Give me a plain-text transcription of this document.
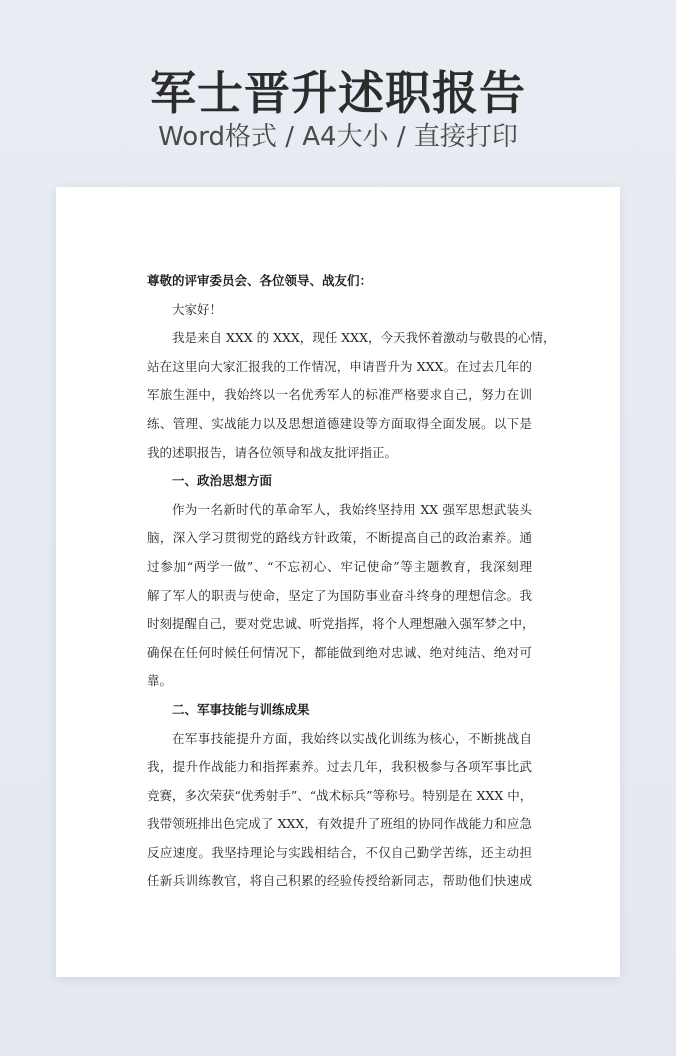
军士晋升述职报告
Word格式 / A4大小 / 直接打印
尊敬的评审委员会、各位领导、战友们：
大家好！
我是来自 XXX 的 XXX，现任 XXX，今天我怀着激动与敬畏的心情，
站在这里向大家汇报我的工作情况，申请晋升为 XXX。在过去几年的
军旅生涯中，我始终以一名优秀军人的标准严格要求自己，努力在训
练、管理、实战能力以及思想道德建设等方面取得全面发展。以下是
我的述职报告，请各位领导和战友批评指正。
一、政治思想方面
作为一名新时代的革命军人，我始终坚持用 XX 强军思想武装头
脑，深入学习贯彻党的路线方针政策，不断提高自己的政治素养。通
过参加“两学一做”、“不忘初心、牢记使命”等主题教育，我深刻理
解了军人的职责与使命，坚定了为国防事业奋斗终身的理想信念。我
时刻提醒自己，要对党忠诚、听党指挥，将个人理想融入强军梦之中，
确保在任何时候任何情况下，都能做到绝对忠诚、绝对纯洁、绝对可
靠。
二、军事技能与训练成果
在军事技能提升方面，我始终以实战化训练为核心，不断挑战自
我，提升作战能力和指挥素养。过去几年，我积极参与各项军事比武
竞赛，多次荣获“优秀射手”、“战术标兵”等称号。特别是在 XXX 中，
我带领班排出色完成了 XXX，有效提升了班组的协同作战能力和应急
反应速度。我坚持理论与实践相结合，不仅自己勤学苦练，还主动担
任新兵训练教官，将自己积累的经验传授给新同志，帮助他们快速成
